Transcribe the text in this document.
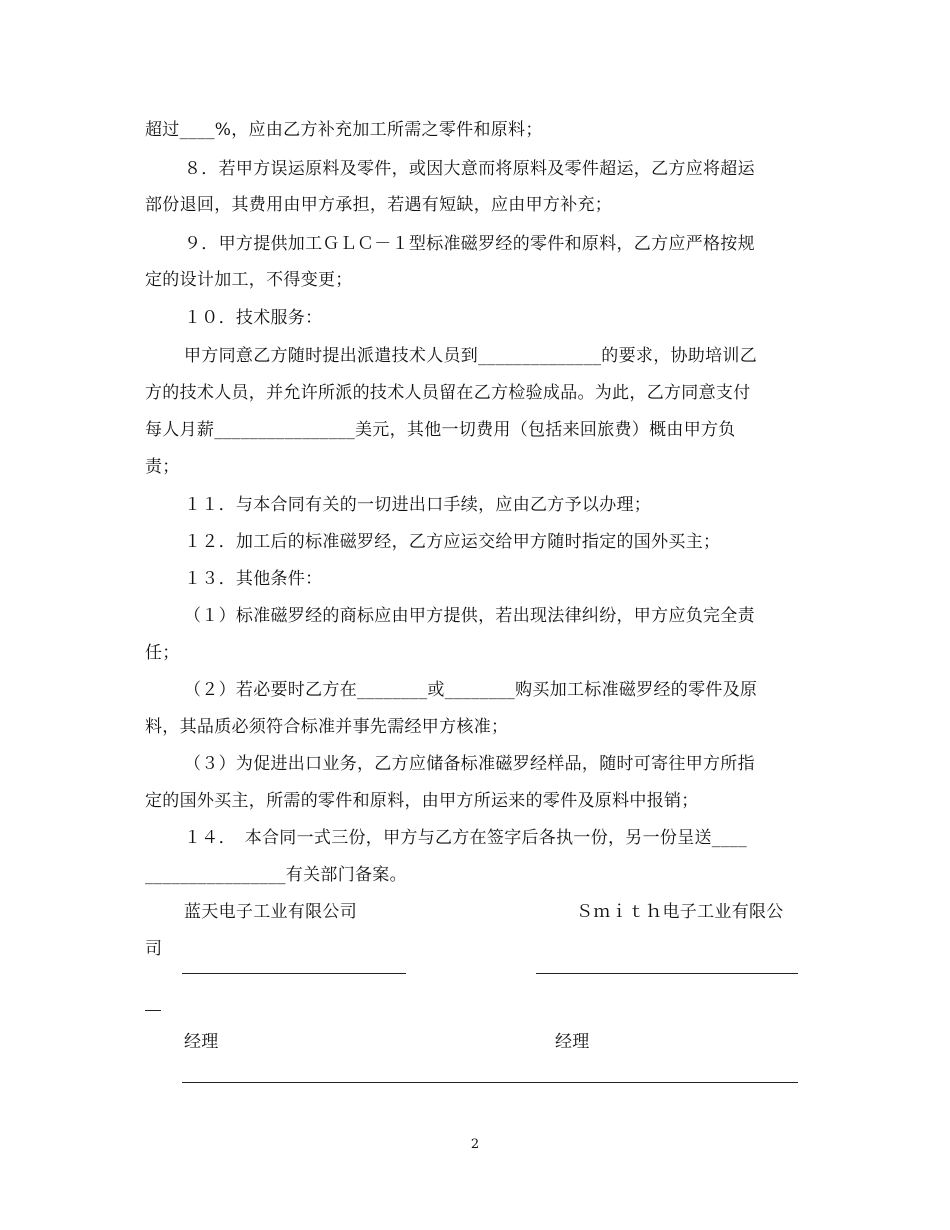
超过____%，应由乙方补充加工所需之零件和原料；
８．若甲方误运原料及零件，或因大意而将原料及零件超运，乙方应将超运
部份退回，其费用由甲方承担，若遇有短缺，应由甲方补充；
９．甲方提供加工ＧＬＣ－１型标准磁罗经的零件和原料，乙方应严格按规
定的设计加工，不得变更；
１０．技术服务：
甲方同意乙方随时提出派遣技术人员到______________的要求，协助培训乙
方的技术人员，并允许所派的技术人员留在乙方检验成品。为此，乙方同意支付
每人月薪________________美元，其他一切费用（包括来回旅费）概由甲方负
责；
１１．与本合同有关的一切进出口手续，应由乙方予以办理；
１２．加工后的标准磁罗经，乙方应运交给甲方随时指定的国外买主；
１３．其他条件：
（１）标准磁罗经的商标应由甲方提供，若出现法律纠纷，甲方应负完全责
任；
（２）若必要时乙方在________或________购买加工标准磁罗经的零件及原
料，其品质必须符合标准并事先需经甲方核准；
（３）为促进出口业务，乙方应储备标准磁罗经样品，随时可寄往甲方所指
定的国外买主，所需的零件和原料，由甲方所运来的零件及原料中报销；
１４．　本合同一式三份，甲方与乙方在签字后各执一份，另一份呈送____
________________有关部门备案。
蓝天电子工业有限公司	Ｓｍｉｔｈ电子工业有限公
司
经理	经理
2
